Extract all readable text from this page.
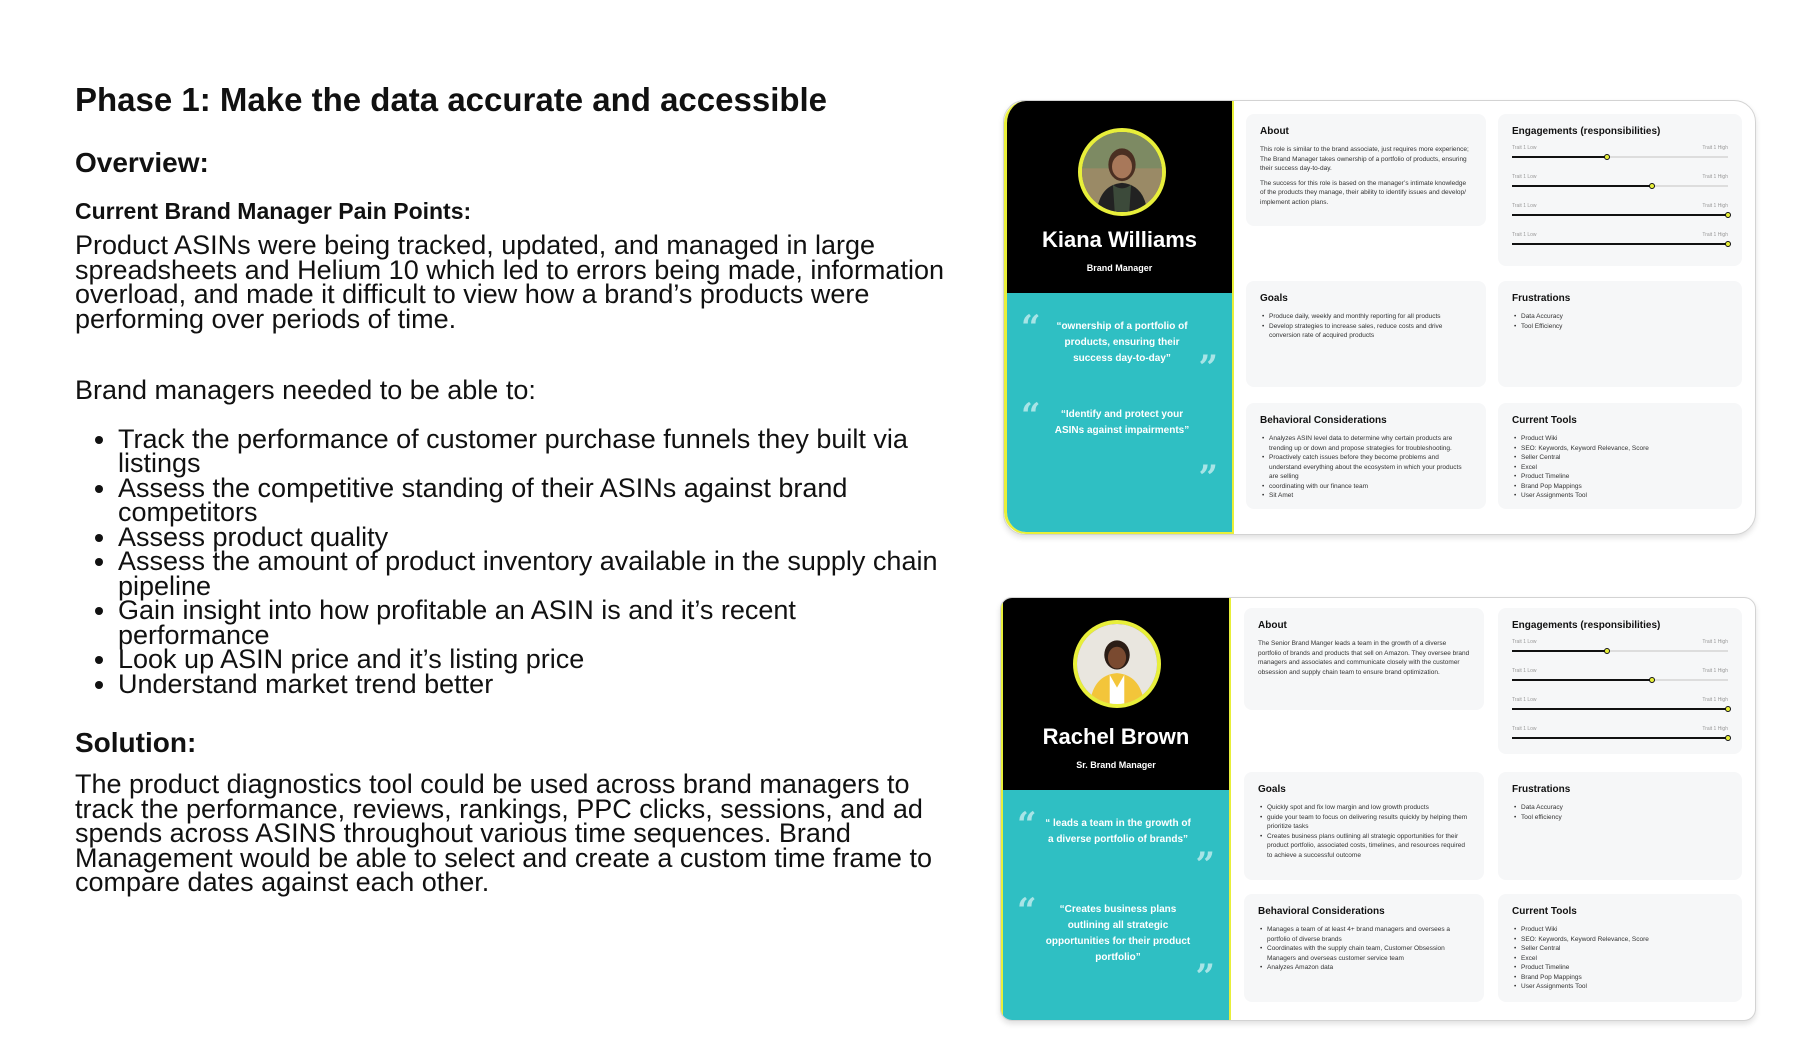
Phase 1: Make the data accurate and accessible
Overview:
Current Brand Manager Pain Points:
Product ASINs were being tracked, updated, and managed in large spreadsheets and Helium 10 which led to errors being made, information overload, and made it difficult to view how a brand’s products were performing over periods of time.
Brand managers needed to be able to:
• Track the performance of customer purchase funnels they built via listings
• Assess the competitive standing of their ASINs against brand competitors
• Assess product quality
• Assess the amount of product inventory available in the supply chain pipeline
• Gain insight into how profitable an ASIN is and it’s recent performance
• Look up ASIN price and it’s listing price
• Understand market trend better
Solution:
The product diagnostics tool could be used across brand managers to track the performance, reviews, rankings, PPC clicks, sessions, and ad spends across ASINS throughout various time sequences. Brand Management would be able to select and create a custom time frame to compare dates against each other.
Kiana Williams
Brand Manager
“	“ownership of a portfolio of products, ensuring their success day-to-day” ”
“	“Identify and protect your ASINs against impairments”
”
About

This role is similar to the brand associate, just requires more experience; The Brand Manager takes ownership of a portfolio of products, ensuring their success day-to-day.

The success for this role is based on the manager’s intimate knowledge of the products they manage, their ability to identify issues and develop/ implement action plans.

Engagements (responsibilities)
Trait 1 Low	Trait 1 High
Trait 1 Low	Trait 1 High
Trait 1 Low	Trait 1 High
Trait 1 Low	Trait 1 High
Goals
• Produce daily, weekly and monthly reporting for all products
• Develop strategies to increase sales, reduce costs and drive conversion rate of acquired products
Frustrations
• Data Accuracy
• Tool Efficiency
Behavioral Considerations
• Analyzes ASIN level data to determine why certain products are trending up or down and propose strategies for troubleshooting.
• Proactively catch issues before they become problems and understand everything about the ecosystem in which your products are selling
• coordinating with our finance team
• Sit Amet
Current Tools
• Product Wiki
• SEO: Keywords, Keyword Relevance, Score
• Seller Central
• Excel
• Product Timeline
• Brand Pop Mappings
• User Assignments Tool
Rachel Brown
Sr. Brand Manager
“ “ leads a team in the growth of a diverse portfolio of brands”
”
“	“Creates business plans outlining all strategic opportunities for their product portfolio”	”
About

The Senior Brand Manger leads a team in the growth of a diverse portfolio of brands and products that sell on Amazon. They oversee brand managers and associates and communicate closely with the customer obsession and supply chain team to ensure brand optimization.

Engagements (responsibilities)
Trait 1 Low	Trait 1 High
Trait 1 Low	Trait 1 High
Trait 1 Low	Trait 1 High
Trait 1 Low	Trait 1 High
Goals
• Quickly spot and fix low margin and low growth products
• guide your team to focus on delivering results quickly by helping them prioritize tasks
• Creates business plans outlining all strategic opportunities for their product portfolio, associated costs, timelines, and resources required to achieve a successful outcome
Frustrations
• Data Accuracy
• Tool efficiency
Behavioral Considerations
• Manages a team of at least 4+ brand managers and oversees a portfolio of diverse brands
• Coordinates with the supply chain team, Customer Obsession Managers and overseas customer service team
• Analyzes Amazon data
Current Tools
• Product Wiki
• SEO: Keywords, Keyword Relevance, Score
• Seller Central
• Excel
• Product Timeline
• Brand Pop Mappings
• User Assignments Tool
